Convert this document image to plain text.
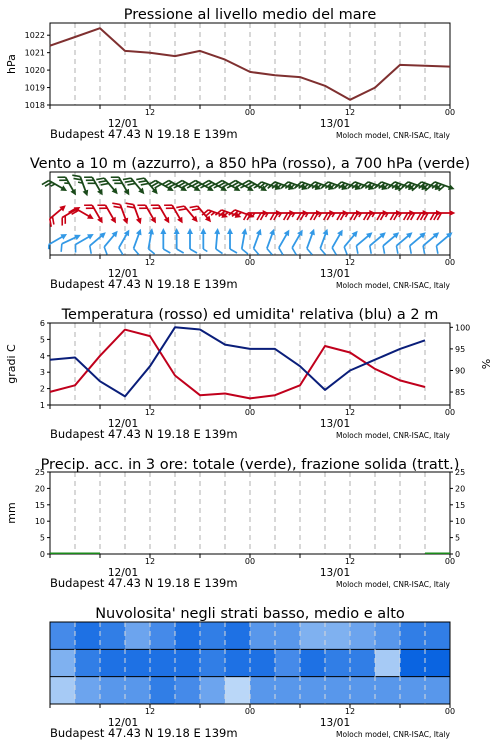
Pressione al livello medio del mare
1018
1019
1020
1021
1022
hPa
12	00	12	00
12/01	13/01
Budapest 47.43 N 19.18 E 139m	Moloch model, CNR-ISAC, Italy
Vento a 10 m (azzurro), a 850 hPa (rosso), a 700 hPa (verde)
12	00	12	00
12/01	13/01
Budapest 47.43 N 19.18 E 139m	Moloch model, CNR-ISAC, Italy
Temperatura (rosso) ed umidita' relativa (blu) a 2 m
1
2
3
4
5
6
85
90
95
100
gradi C	%
12	00	12	00
12/01	13/01
Budapest 47.43 N 19.18 E 139m	Moloch model, CNR-ISAC, Italy
Precip. acc. in 3 ore: totale (verde), frazione solida (tratt.)
0	0
5	5
10	10
15	15
20	20
25	25
mm
12	00	12	00
12/01	13/01
Budapest 47.43 N 19.18 E 139m	Moloch model, CNR-ISAC, Italy
Nuvolosita' negli strati basso, medio e alto
12	00	12	00
12/01	13/01
Budapest 47.43 N 19.18 E 139m	Moloch model, CNR-ISAC, Italy
